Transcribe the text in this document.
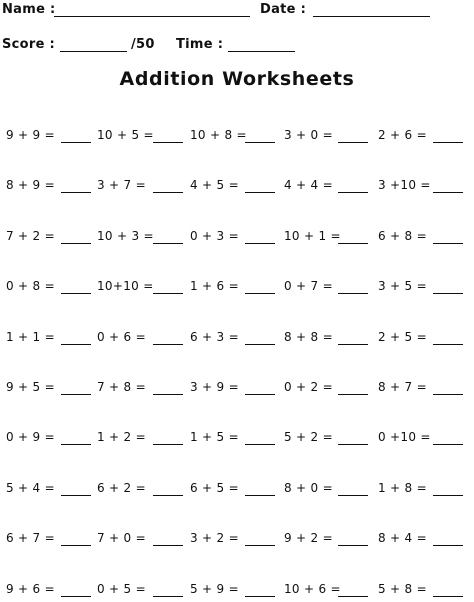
Name :	Date :
Score :	/50 Time :
Addition Worksheets
9 + 9 =	10 + 5 =	10 + 8 =	3 + 0 =	2 + 6 =
8 + 9 =	3 + 7 =	4 + 5 =	4 + 4 =	3 +10 =
7 + 2 =	10 + 3 =	0 + 3 =	10 + 1 =	6 + 8 =
0 + 8 =	10+10 =	1 + 6 =	0 + 7 =	3 + 5 =
1 + 1 =	0 + 6 =	6 + 3 =	8 + 8 =	2 + 5 =
9 + 5 =	7 + 8 =	3 + 9 =	0 + 2 =	8 + 7 =
0 + 9 =	1 + 2 =	1 + 5 =	5 + 2 =	0 +10 =
5 + 4 =	6 + 2 =	6 + 5 =	8 + 0 =	1 + 8 =
6 + 7 =	7 + 0 =	3 + 2 =	9 + 2 =	8 + 4 =
9 + 6 =	0 + 5 =	5 + 9 =	10 + 6 =	5 + 8 =
